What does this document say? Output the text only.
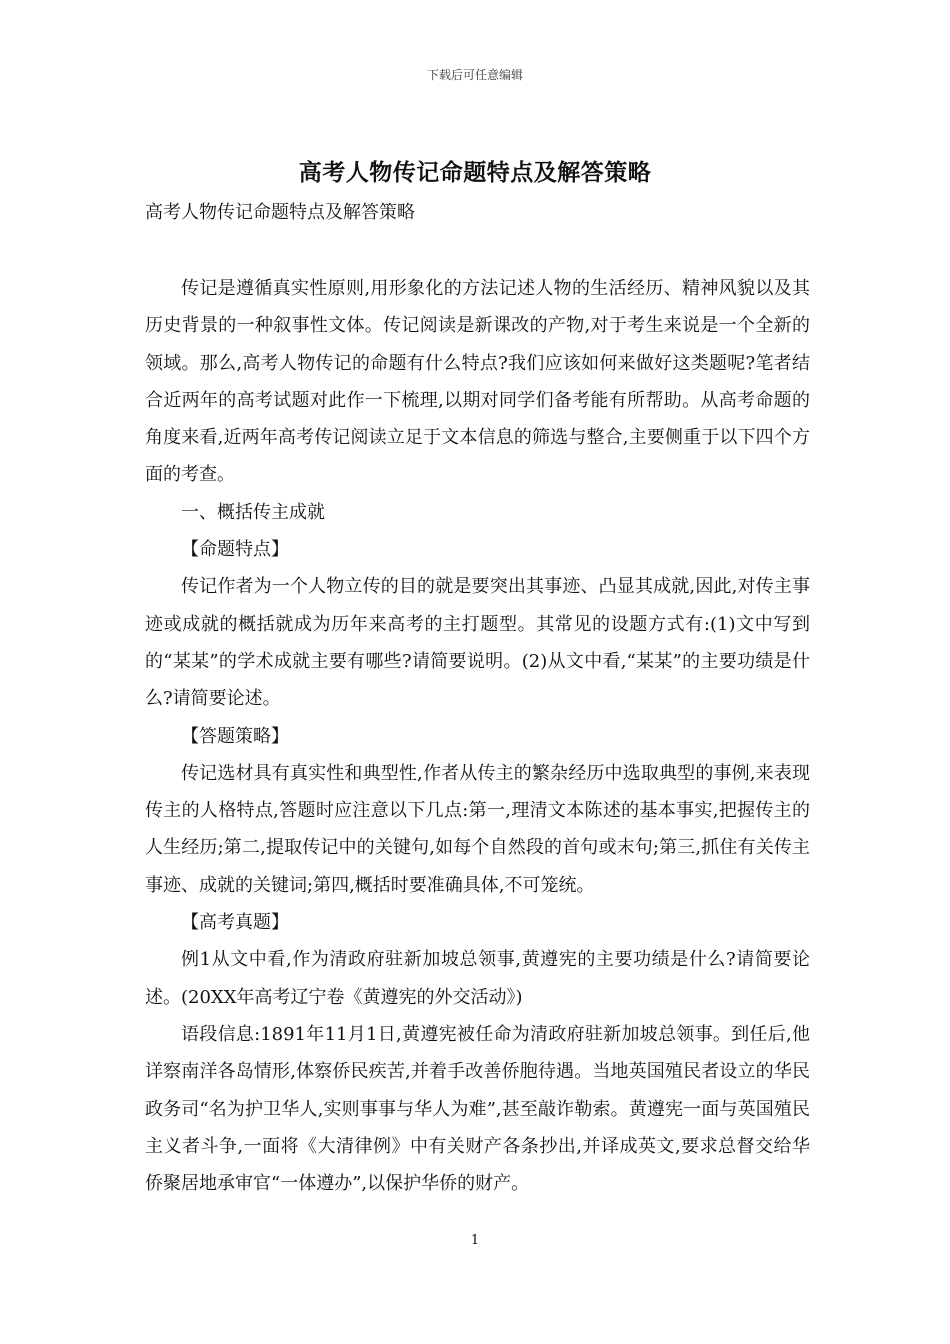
下载后可任意编辑
高考人物传记命题特点及解答策略
高考人物传记命题特点及解答策略

传记是遵循真实性原则,用形象化的方法记述人物的生活经历、精神风貌以及其历史背景的一种叙事性文体。传记阅读是新课改的产物,对于考生来说是一个全新的领域。那么,高考人物传记的命题有什么特点?我们应该如何来做好这类题呢?笔者结合近两年的高考试题对此作一下梳理,以期对同学们备考能有所帮助。从高考命题的角度来看,近两年高考传记阅读立足于文本信息的筛选与整合,主要侧重于以下四个方面的考查。

一、概括传主成就

【命题特点】

传记作者为一个人物立传的目的就是要突出其事迹、凸显其成就,因此,对传主事迹或成就的概括就成为历年来高考的主打题型。其常见的设题方式有:(1)文中写到的“某某”的学术成就主要有哪些?请简要说明。(2)从文中看,“某某”的主要功绩是什么?请简要论述。

【答题策略】

传记选材具有真实性和典型性,作者从传主的繁杂经历中选取典型的事例,来表现传主的人格特点,答题时应注意以下几点:第一,理清文本陈述的基本事实,把握传主的人生经历;第二,提取传记中的关键句,如每个自然段的首句或末句;第三,抓住有关传主事迹、成就的关键词;第四,概括时要准确具体,不可笼统。

【高考真题】

例1从文中看,作为清政府驻新加坡总领事,黄遵宪的主要功绩是什么?请简要论述。(20XX年高考辽宁卷《黄遵宪的外交活动》)

语段信息:1891年11月1日,黄遵宪被任命为清政府驻新加坡总领事。到任后,他详察南洋各岛情形,体察侨民疾苦,并着手改善侨胞待遇。当地英国殖民者设立的华民政务司“名为护卫华人,实则事事与华人为难”,甚至敲诈勒索。黄遵宪一面与英国殖民主义者斗争,一面将《大清律例》中有关财产各条抄出,并译成英文,要求总督交给华侨聚居地承审官“一体遵办”,以保护华侨的财产。

1
